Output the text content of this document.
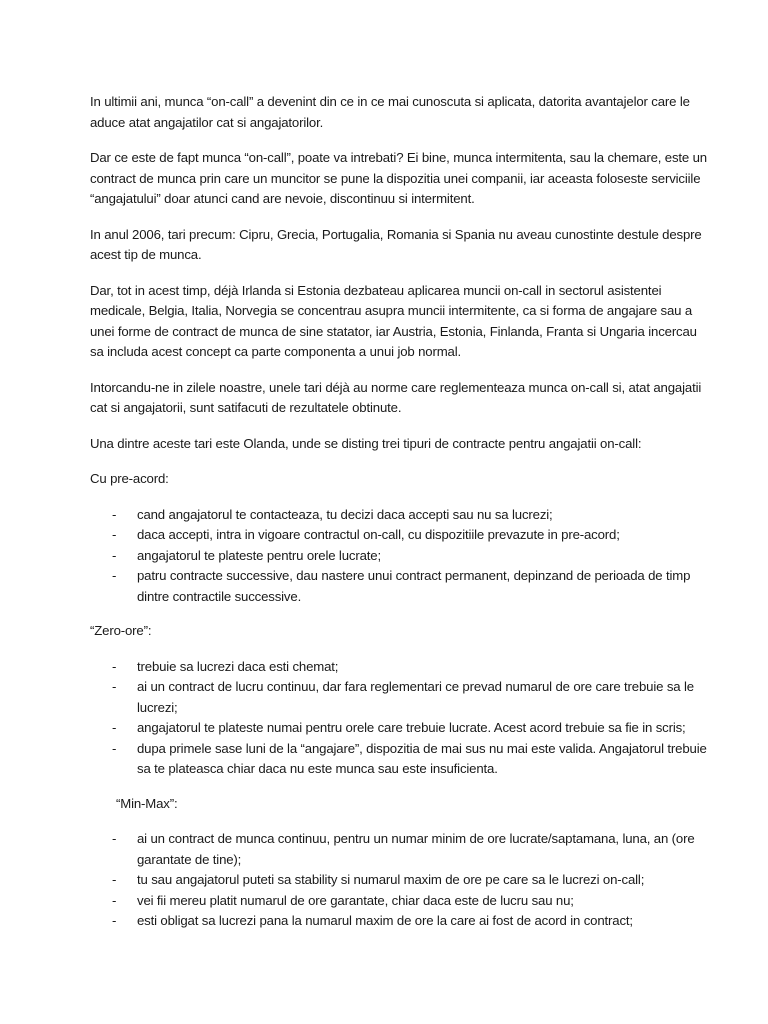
In ultimii ani, munca “on-call” a devenint din ce in ce mai cunoscuta si aplicata, datorita avantajelor care le aduce atat angajatilor cat si angajatorilor.

Dar ce este de fapt munca “on-call”, poate va intrebati? Ei bine, munca intermitenta, sau la chemare, este un contract de munca prin care un muncitor se pune la dispozitia unei companii, iar aceasta foloseste serviciile “angajatului” doar atunci cand are nevoie, discontinuu si intermitent.

In anul 2006, tari precum: Cipru, Grecia, Portugalia, Romania si Spania nu aveau cunostinte destule despre acest tip de munca.

Dar, tot in acest timp, déjà Irlanda si Estonia dezbateau aplicarea muncii on-call in sectorul asistentei medicale, Belgia, Italia, Norvegia se concentrau asupra muncii intermitente, ca si forma de angajare sau a unei forme de contract de munca de sine statator, iar Austria, Estonia, Finlanda, Franta si Ungaria incercau sa includa acest concept ca parte componenta a unui job normal.

Intorcandu-ne in zilele noastre, unele tari déjà au norme care reglementeaza munca on-call si, atat angajatii cat si angajatorii, sunt satifacuti de rezultatele obtinute.

Una dintre aceste tari este Olanda, unde se disting trei tipuri de contracte pentru angajatii on-call:

Cu pre-acord:

- cand angajatorul te contacteaza, tu decizi daca accepti sau nu sa lucrezi;
- daca accepti, intra in vigoare contractul on-call, cu dispozitiile prevazute in pre-acord;
- angajatorul te plateste pentru orele lucrate;
- patru contracte successive, dau nastere unui contract permanent, depinzand de perioada de timp dintre contractile successive.

“Zero-ore”:

- trebuie sa lucrezi daca esti chemat;
- ai un contract de lucru continuu, dar fara reglementari ce prevad numarul de ore care trebuie sa le lucrezi;
- angajatorul te plateste numai pentru orele care trebuie lucrate. Acest acord trebuie sa fie in scris;
- dupa primele sase luni de la “angajare”, dispozitia de mai sus nu mai este valida. Angajatorul trebuie sa te plateasca chiar daca nu este munca sau este insuficienta.

“Min-Max”:

- ai un contract de munca continuu, pentru un numar minim de ore lucrate/saptamana, luna, an (ore garantate de tine);
- tu sau angajatorul puteti sa stability si numarul maxim de ore pe care sa le lucrezi on-call;
- vei fii mereu platit numarul de ore garantate, chiar daca este de lucru sau nu;
- esti obligat sa lucrezi pana la numarul maxim de ore la care ai fost de acord in contract;
